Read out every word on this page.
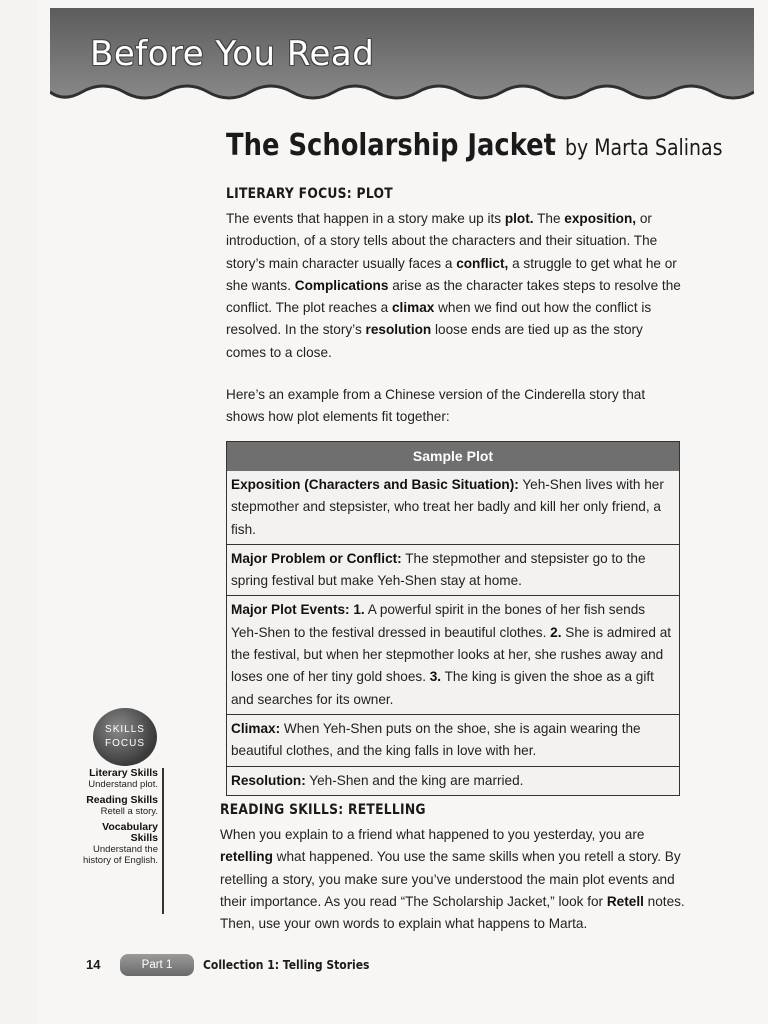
Before You Read
The Scholarship Jacket by Marta Salinas
LITERARY FOCUS: PLOT

The events that happen in a story make up its plot. The exposition, or introduction, of a story tells about the characters and their situation. The story’s main character usually faces a conflict, a struggle to get what he or she wants. Complications arise as the character takes steps to resolve the conflict. The plot reaches a climax when we find out how the conflict is resolved. In the story’s resolution loose ends are tied up as the story comes to a close.

Here’s an example from a Chinese version of the Cinderella story that shows how plot elements fit together:

Sample Plot
Exposition (Characters and Basic Situation): Yeh-Shen lives with her stepmother and stepsister, who treat her badly and kill her only friend, a fish.
Major Problem or Conflict: The stepmother and stepsister go to the spring festival but make Yeh-Shen stay at home.
Major Plot Events: 1. A powerful spirit in the bones of her fish sends Yeh-Shen to the festival dressed in beautiful clothes. 2. She is admired at the festival, but when her stepmother looks at her, she rushes away and loses one of her tiny gold shoes. 3. The king is given the shoe as a gift and searches for its owner.
Climax: When Yeh-Shen puts on the shoe, she is again wearing the beautiful clothes, and the king falls in love with her.
Resolution: Yeh-Shen and the king are married.
READING SKILLS: RETELLING

When you explain to a friend what happened to you yesterday, you are retelling what happened. You use the same skills when you retell a story. By retelling a story, you make sure you’ve understood the main plot events and their importance. As you read “The Scholarship Jacket,” look for Retell notes. Then, use your own words to explain what happens to Marta.

SKILLS
FOCUS
Literary Skills
Understand plot.
Reading Skills
Retell a story.
Vocabulary Skills
Understand the history of English.
14	Part 1	Collection 1: Telling Stories
